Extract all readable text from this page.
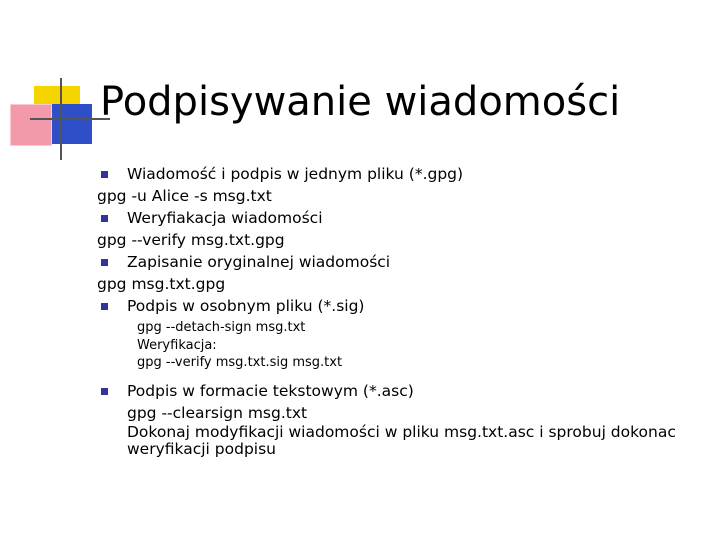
Podpisywanie wiadomości
Wiadomość i podpis w jednym pliku (*.gpg)
gpg -u Alice -s msg.txt
Weryfiakacja wiadomości
gpg --verify msg.txt.gpg
Zapisanie oryginalnej wiadomości
gpg msg.txt.gpg
Podpis w osobnym pliku (*.sig)
gpg --detach-sign msg.txt
Weryfikacja:
gpg --verify msg.txt.sig msg.txt
Podpis w formacie tekstowym (*.asc)
gpg --clearsign msg.txt
Dokonaj modyfikacji wiadomości w pliku msg.txt.asc i sprobuj dokonac weryfikacji podpisu
